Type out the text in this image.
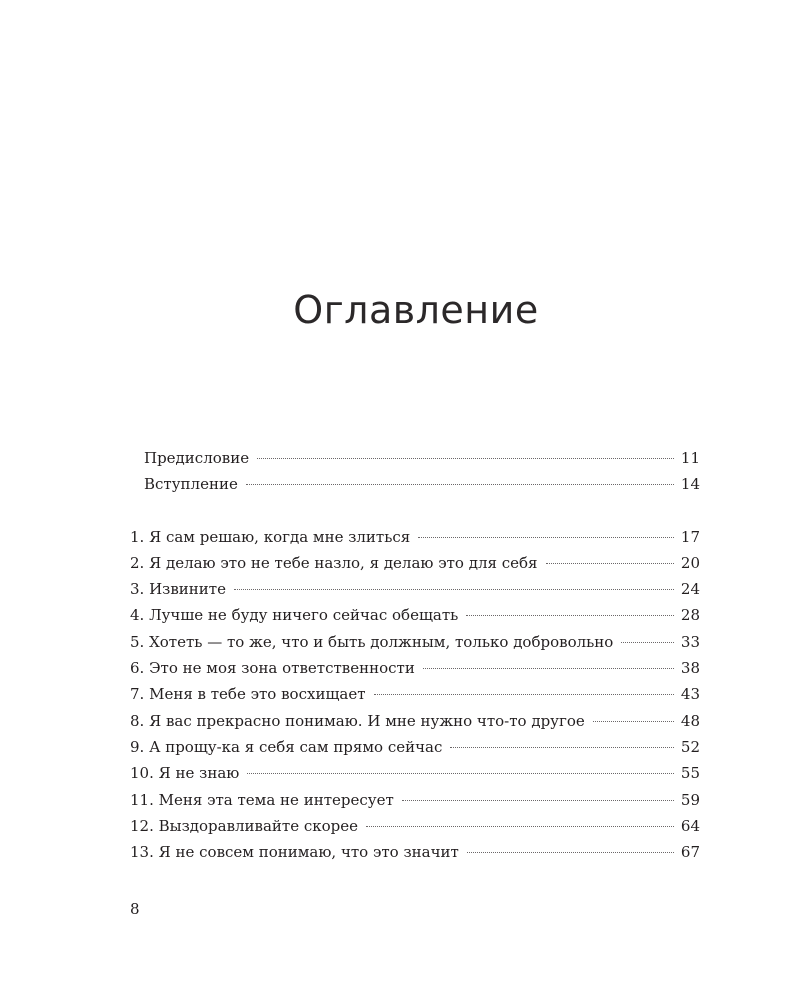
Оглавление
Предисловие	11
Вступление	14
1. Я сам решаю, когда мне злиться	17
2. Я делаю это не тебе назло, я делаю это для себя	20
3. Извините	24
4. Лучше не буду ничего сейчас обещать	28
5. Хотеть — то же, что и быть должным, только добровольно	33
6. Это не моя зона ответственности	38
7. Меня в тебе это восхищает	43
8. Я вас прекрасно понимаю. И мне нужно что-то другое	48
9. А прощу-ка я себя сам прямо сейчас	52
10. Я не знаю	55
11. Меня эта тема не интересует	59
12. Выздоравливайте скорее	64
13. Я не совсем понимаю, что это значит	67
8
